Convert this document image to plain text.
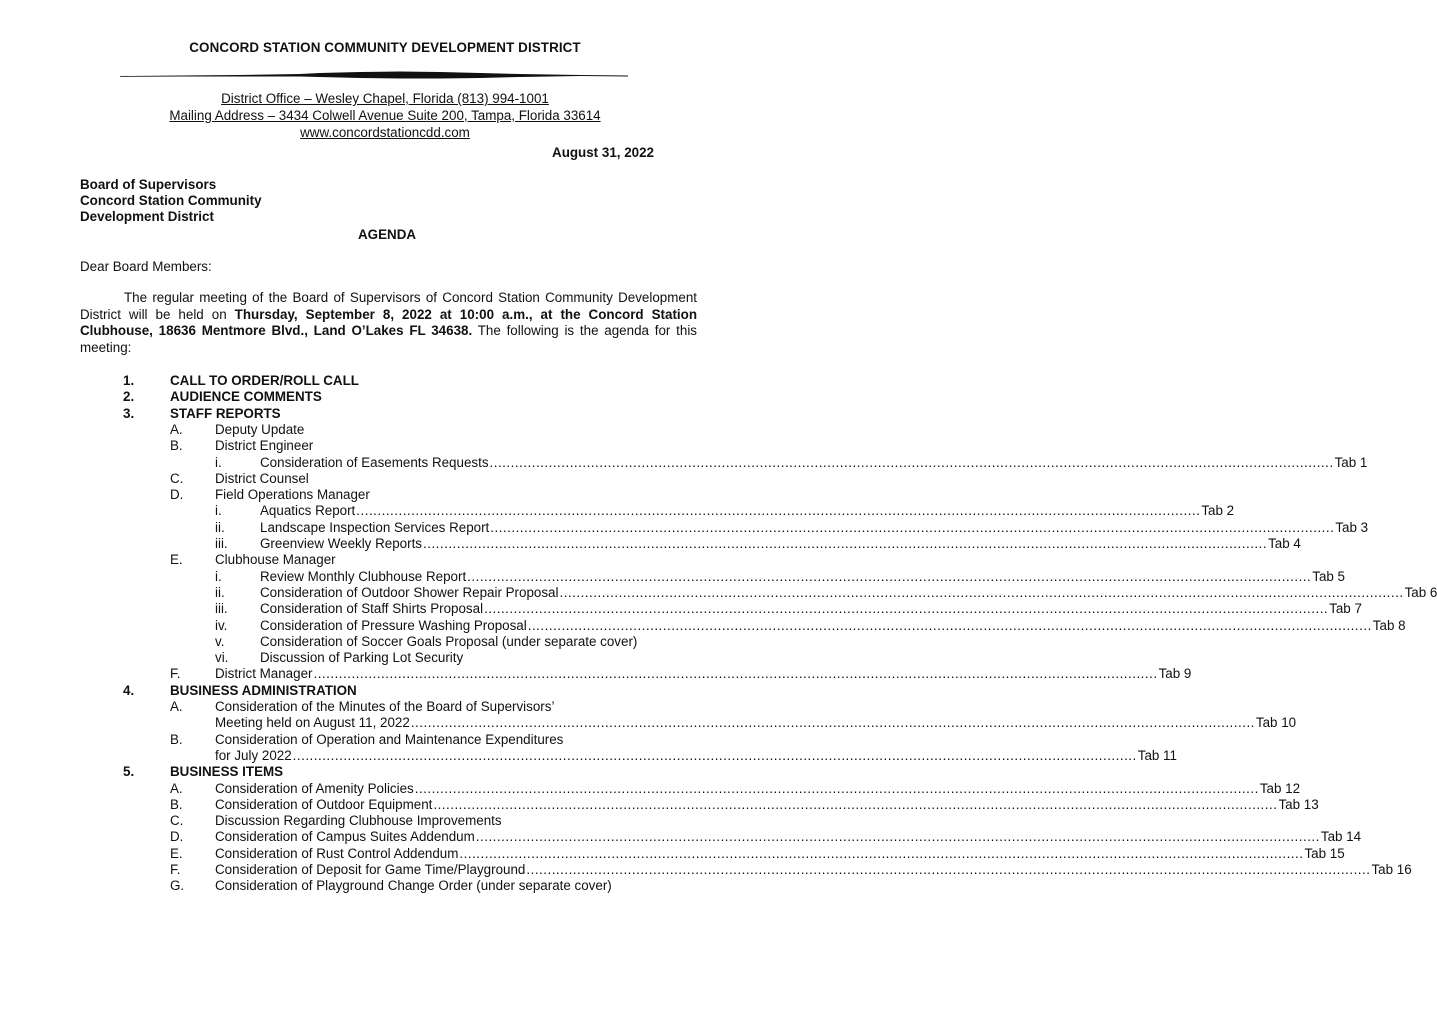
CONCORD STATION COMMUNITY DEVELOPMENT DISTRICT
District Office – Wesley Chapel, Florida (813) 994-1001
Mailing Address – 3434 Colwell Avenue Suite 200, Tampa, Florida 33614
www.concordstationcdd.com
August 31, 2022
Board of Supervisors
Concord Station Community
Development District
AGENDA
Dear Board Members:
The regular meeting of the Board of Supervisors of Concord Station Community Development District will be held on Thursday, September 8, 2022 at 10:00 a.m., at the Concord Station Clubhouse, 18636 Mentmore Blvd., Land O’Lakes FL 34638. The following is the agenda for this meeting:
1.	CALL TO ORDER/ROLL CALL
2.	AUDIENCE COMMENTS
3.	STAFF REPORTS
A. Deputy Update
B. District Engineer
i.	Consideration of Easements Requests ........................................................................................................................................................................................................ Tab 1
C. District Counsel
D. Field Operations Manager
i.	Aquatics Report ........................................................................................................................................................................................................ Tab 2
ii.	Landscape Inspection Services Report ........................................................................................................................................................................................................ Tab 3
iii. Greenview Weekly Reports ........................................................................................................................................................................................................ Tab 4
E. Clubhouse Manager
i.	Review Monthly Clubhouse Report ........................................................................................................................................................................................................ Tab 5
ii.	Consideration of Outdoor Shower Repair Proposal ........................................................................................................................................................................................................ Tab 6
iii. Consideration of Staff Shirts Proposal ........................................................................................................................................................................................................ Tab 7
iv. Consideration of Pressure Washing Proposal ........................................................................................................................................................................................................ Tab 8
v.	Consideration of Soccer Goals Proposal (under separate cover)
vi. Discussion of Parking Lot Security
F.	District Manager ........................................................................................................................................................................................................ Tab 9
4.	BUSINESS ADMINISTRATION
A. Consideration of the Minutes of the Board of Supervisors’
Meeting held on August 11, 2022 ........................................................................................................................................................................................................ Tab 10
B. Consideration of Operation and Maintenance Expenditures
for July 2022 ........................................................................................................................................................................................................ Tab 11
5.	BUSINESS ITEMS
A. Consideration of Amenity Policies ........................................................................................................................................................................................................ Tab 12
B. Consideration of Outdoor Equipment ........................................................................................................................................................................................................ Tab 13
C. Discussion Regarding Clubhouse Improvements
D. Consideration of Campus Suites Addendum ........................................................................................................................................................................................................ Tab 14
E. Consideration of Rust Control Addendum ........................................................................................................................................................................................................ Tab 15
F.	Consideration of Deposit for Game Time/Playground ........................................................................................................................................................................................................ Tab 16
G. Consideration of Playground Change Order (under separate cover)
